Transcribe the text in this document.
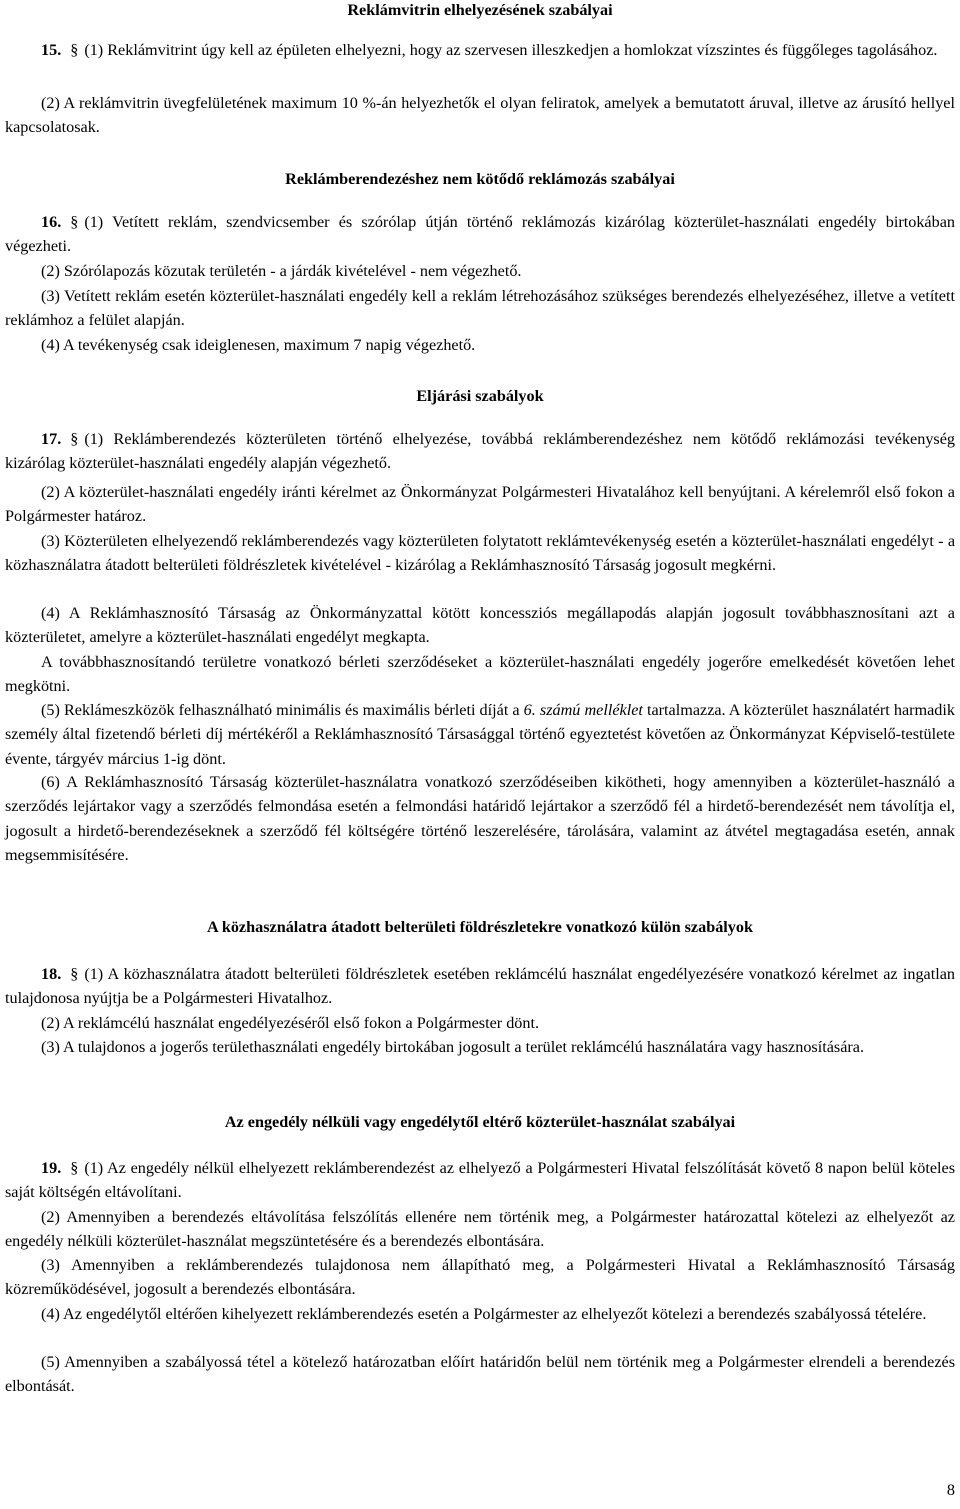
Reklámvitrin elhelyezésének szabályai

15. § (1) Reklámvitrint úgy kell az épületen elhelyezni, hogy az szervesen illeszkedjen a homlokzat vízszintes és függőleges tagolásához.

(2) A reklámvitrin üvegfelületének maximum 10 %-án helyezhetők el olyan feliratok, amelyek a bemutatott áruval, illetve az árusító hellyel kapcsolatosak.

Reklámberendezéshez nem kötődő reklámozás szabályai

16. § (1) Vetített reklám, szendvicsember és szórólap útján történő reklámozás kizárólag közterület-használati engedély birtokában végezheti.

(2) Szórólapozás közutak területén - a járdák kivételével - nem végezhető.

(3) Vetített reklám esetén közterület-használati engedély kell a reklám létrehozásához szükséges berendezés elhelyezéséhez, illetve a vetített reklámhoz a felület alapján.

(4) A tevékenység csak ideiglenesen, maximum 7 napig végezhető.

Eljárási szabályok

17. § (1) Reklámberendezés közterületen történő elhelyezése, továbbá reklámberendezéshez nem kötődő reklámozási tevékenység kizárólag közterület-használati engedély alapján végezhető.

(2) A közterület-használati engedély iránti kérelmet az Önkormányzat Polgármesteri Hivatalához kell benyújtani. A kérelemről első fokon a Polgármester határoz.

(3) Közterületen elhelyezendő reklámberendezés vagy közterületen folytatott reklámtevékenység esetén a közterület-használati engedélyt - a közhasználatra átadott belterületi földrészletek kivételével - kizárólag a Reklámhasznosító Társaság jogosult megkérni.

(4) A Reklámhasznosító Társaság az Önkormányzattal kötött koncessziós megállapodás alapján jogosult továbbhasznosítani azt a közterületet, amelyre a közterület-használati engedélyt megkapta.

A továbbhasznosítandó területre vonatkozó bérleti szerződéseket a közterület-használati engedély jogerőre emelkedését követően lehet megkötni.

(5) Reklámeszközök felhasználható minimális és maximális bérleti díját a 6. számú melléklet tartalmazza. A közterület használatért harmadik személy által fizetendő bérleti díj mértékéről a Reklámhasznosító Társasággal történő egyeztetést követően az Önkormányzat Képviselő-testülete évente, tárgyév március 1-ig dönt.

(6) A Reklámhasznosító Társaság közterület-használatra vonatkozó szerződéseiben kikötheti, hogy amennyiben a közterület-használó a szerződés lejártakor vagy a szerződés felmondása esetén a felmondási határidő lejártakor a szerződő fél a hirdető-berendezését nem távolítja el, jogosult a hirdető-berendezéseknek a szerződő fél költségére történő leszerelésére, tárolására, valamint az átvétel megtagadása esetén, annak megsemmisítésére.

A közhasználatra átadott belterületi földrészletekre vonatkozó külön szabályok

18. § (1) A közhasználatra átadott belterületi földrészletek esetében reklámcélú használat engedélyezésére vonatkozó kérelmet az ingatlan tulajdonosa nyújtja be a Polgármesteri Hivatalhoz.

(2) A reklámcélú használat engedélyezéséről első fokon a Polgármester dönt.

(3) A tulajdonos a jogerős területhasználati engedély birtokában jogosult a terület reklámcélú használatára vagy hasznosítására.

Az engedély nélküli vagy engedélytől eltérő közterület-használat szabályai

19. § (1) Az engedély nélkül elhelyezett reklámberendezést az elhelyező a Polgármesteri Hivatal felszólítását követő 8 napon belül köteles saját költségén eltávolítani.

(2) Amennyiben a berendezés eltávolítása felszólítás ellenére nem történik meg, a Polgármester határozattal kötelezi az elhelyezőt az engedély nélküli közterület-használat megszüntetésére és a berendezés elbontására.

(3) Amennyiben a reklámberendezés tulajdonosa nem állapítható meg, a Polgármesteri Hivatal a Reklámhasznosító Társaság közreműködésével, jogosult a berendezés elbontására.

(4) Az engedélytől eltérően kihelyezett reklámberendezés esetén a Polgármester az elhelyezőt kötelezi a berendezés szabályossá tételére.

(5) Amennyiben a szabályossá tétel a kötelező határozatban előírt határidőn belül nem történik meg a Polgármester elrendeli a berendezés elbontását.

8
